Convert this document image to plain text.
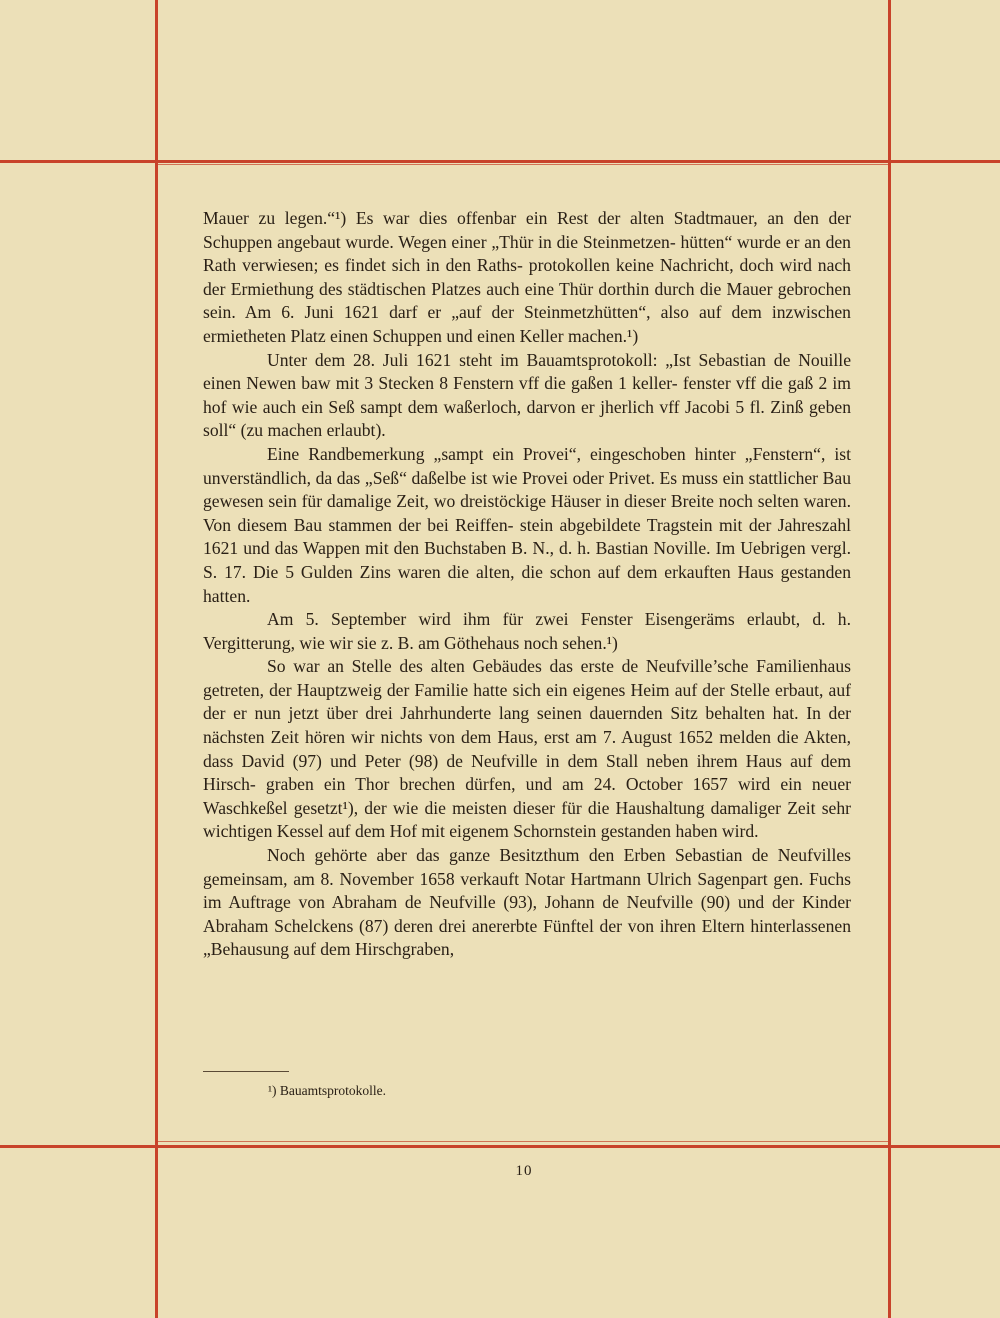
Mauer zu legen.“¹) Es war dies offenbar ein Rest der alten Stadtmauer, an den der Schuppen angebaut wurde. Wegen einer „Thür in die Steinmetzen- hütten“ wurde er an den Rath verwiesen; es findet sich in den Raths- protokollen keine Nachricht, doch wird nach der Ermiethung des städtischen Platzes auch eine Thür dorthin durch die Mauer gebrochen sein. Am 6. Juni 1621 darf er „auf der Steinmetzhütten“, also auf dem inzwischen ermietheten Platz einen Schuppen und einen Keller machen.¹)

Unter dem 28. Juli 1621 steht im Bauamtsprotokoll: „Ist Sebastian de Nouille einen Newen baw mit 3 Stecken 8 Fenstern vff die gaßen 1 keller- fenster vff die gaß 2 im hof wie auch ein Seß sampt dem waßerloch, darvon er jherlich vff Jacobi 5 fl. Zinß geben soll“ (zu machen erlaubt).

Eine Randbemerkung „sampt ein Provei“, eingeschoben hinter „Fenstern“, ist unverständlich, da das „Seß“ daßelbe ist wie Provei oder Privet. Es muss ein stattlicher Bau gewesen sein für damalige Zeit, wo dreistöckige Häuser in dieser Breite noch selten waren. Von diesem Bau stammen der bei Reiffen- stein abgebildete Tragstein mit der Jahreszahl 1621 und das Wappen mit den Buchstaben B. N., d. h. Bastian Noville. Im Uebrigen vergl. S. 17. Die 5 Gulden Zins waren die alten, die schon auf dem erkauften Haus gestanden hatten.

Am 5. September wird ihm für zwei Fenster Eisengeräms erlaubt, d. h. Vergitterung, wie wir sie z. B. am Göthehaus noch sehen.¹)

So war an Stelle des alten Gebäudes das erste de Neufville’sche Familienhaus getreten, der Hauptzweig der Familie hatte sich ein eigenes Heim auf der Stelle erbaut, auf der er nun jetzt über drei Jahrhunderte lang seinen dauernden Sitz behalten hat. In der nächsten Zeit hören wir nichts von dem Haus, erst am 7. August 1652 melden die Akten, dass David (97) und Peter (98) de Neufville in dem Stall neben ihrem Haus auf dem Hirsch- graben ein Thor brechen dürfen, und am 24. October 1657 wird ein neuer Waschkeßel gesetzt¹), der wie die meisten dieser für die Haushaltung damaliger Zeit sehr wichtigen Kessel auf dem Hof mit eigenem Schornstein gestanden haben wird.

Noch gehörte aber das ganze Besitzthum den Erben Sebastian de Neufvilles gemeinsam, am 8. November 1658 verkauft Notar Hartmann Ulrich Sagenpart gen. Fuchs im Auftrage von Abraham de Neufville (93), Johann de Neufville (90) und der Kinder Abraham Schelckens (87) deren drei anererbte Fünftel der von ihren Eltern hinterlassenen „Behausung auf dem Hirschgraben,

¹) Bauamtsprotokolle.
10
